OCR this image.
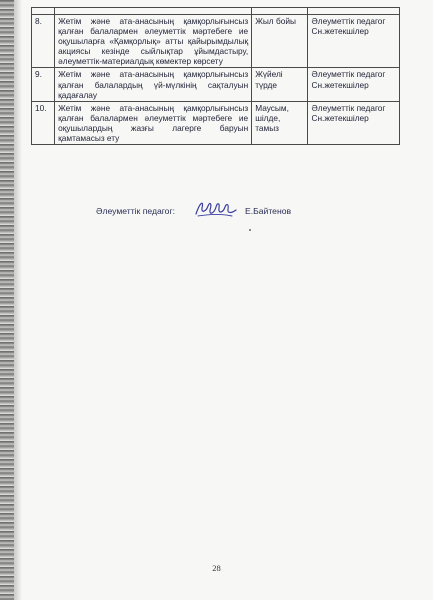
8.	Жетім және ата-анасының қамқорлығынсыз қалған балалармен әлеуметтік мәртебеге ие оқушыларға «Қамқорлық» атты қайырымдылық акциясы кезінде сыйлықтар ұйымдастыру, әлеуметтік-материалдық көмектер көрсету	Жыл бойы	Әлеуметтік педагог Сн.жетекшілер
9.	Жетім және ата-анасының қамқорлығынсыз қалған балалардың үй-мүлкінің сақталуын қадағалау	Жүйелі түрде	Әлеуметтік педагог Сн.жетекшілер
10.	Жетім және ата-анасының қамқорлығынсыз қалған балалармен әлеуметтік мәртебеге ие оқушылардың жазғы лагерге баруын қамтамасыз ету	Маусым, шілде, тамыз	Әлеуметтік педагог Сн.жетекшілер
Әлеуметтік педагог:	Е.Байтенов
28
